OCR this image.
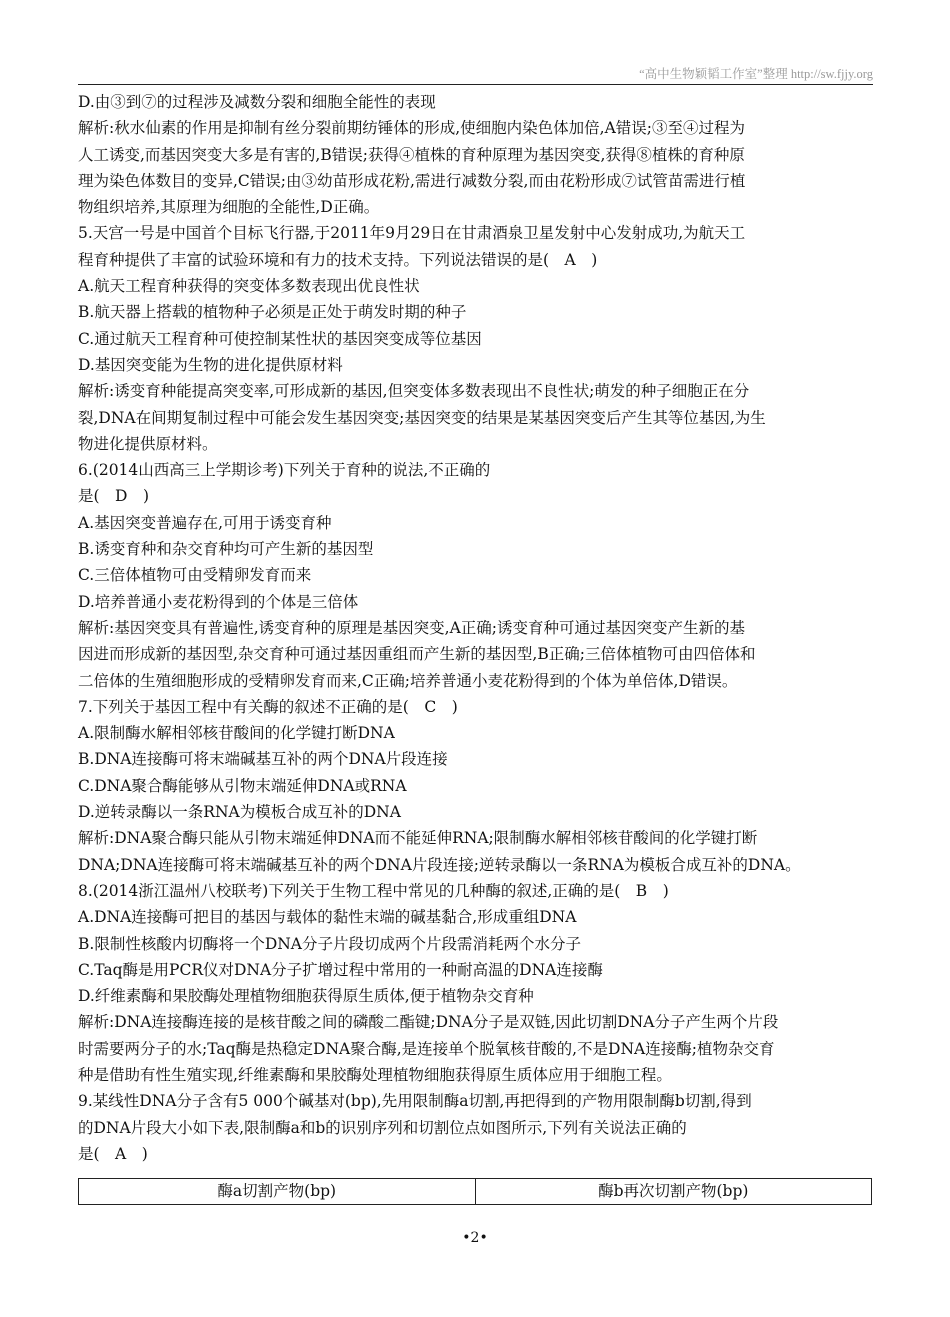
“高中生物颖韬工作室”整理 http://sw.fjjy.org
D.由③到⑦的过程涉及减数分裂和细胞全能性的表现
解析:秋水仙素的作用是抑制有丝分裂前期纺锤体的形成,使细胞内染色体加倍,A错误;③至④过程为
人工诱变,而基因突变大多是有害的,B错误;获得④植株的育种原理为基因突变,获得⑧植株的育种原
理为染色体数目的变异,C错误;由③幼苗形成花粉,需进行减数分裂,而由花粉形成⑦试管苗需进行植
物组织培养,其原理为细胞的全能性,D正确。
5.天宫一号是中国首个目标飞行器,于2011年9月29日在甘肃酒泉卫星发射中心发射成功,为航天工
程育种提供了丰富的试验环境和有力的技术支持。下列说法错误的是(　A　)
A.航天工程育种获得的突变体多数表现出优良性状
B.航天器上搭载的植物种子必须是正处于萌发时期的种子
C.通过航天工程育种可使控制某性状的基因突变成等位基因
D.基因突变能为生物的进化提供原材料
解析:诱变育种能提高突变率,可形成新的基因,但突变体多数表现出不良性状;萌发的种子细胞正在分
裂,DNA在间期复制过程中可能会发生基因突变;基因突变的结果是某基因突变后产生其等位基因,为生
物进化提供原材料。
6.(2014山西高三上学期诊考)下列关于育种的说法,不正确的
是(　D　)
A.基因突变普遍存在,可用于诱变育种
B.诱变育种和杂交育种均可产生新的基因型
C.三倍体植物可由受精卵发育而来
D.培养普通小麦花粉得到的个体是三倍体
解析:基因突变具有普遍性,诱变育种的原理是基因突变,A正确;诱变育种可通过基因突变产生新的基
因进而形成新的基因型,杂交育种可通过基因重组而产生新的基因型,B正确;三倍体植物可由四倍体和
二倍体的生殖细胞形成的受精卵发育而来,C正确;培养普通小麦花粉得到的个体为单倍体,D错误。
7.下列关于基因工程中有关酶的叙述不正确的是(　C　)
A.限制酶水解相邻核苷酸间的化学键打断DNA
B.DNA连接酶可将末端碱基互补的两个DNA片段连接
C.DNA聚合酶能够从引物末端延伸DNA或RNA
D.逆转录酶以一条RNA为模板合成互补的DNA
解析:DNA聚合酶只能从引物末端延伸DNA而不能延伸RNA;限制酶水解相邻核苷酸间的化学键打断
DNA;DNA连接酶可将末端碱基互补的两个DNA片段连接;逆转录酶以一条RNA为模板合成互补的DNA。
8.(2014浙江温州八校联考)下列关于生物工程中常见的几种酶的叙述,正确的是(　B　)
A.DNA连接酶可把目的基因与载体的黏性末端的碱基黏合,形成重组DNA
B.限制性核酸内切酶将一个DNA分子片段切成两个片段需消耗两个水分子
C.Taq酶是用PCR仪对DNA分子扩增过程中常用的一种耐高温的DNA连接酶
D.纤维素酶和果胶酶处理植物细胞获得原生质体,便于植物杂交育种
解析:DNA连接酶连接的是核苷酸之间的磷酸二酯键;DNA分子是双链,因此切割DNA分子产生两个片段
时需要两分子的水;Taq酶是热稳定DNA聚合酶,是连接单个脱氧核苷酸的,不是DNA连接酶;植物杂交育
种是借助有性生殖实现,纤维素酶和果胶酶处理植物细胞获得原生质体应用于细胞工程。
9.某线性DNA分子含有5 000个碱基对(bp),先用限制酶a切割,再把得到的产物用限制酶b切割,得到
的DNA片段大小如下表,限制酶a和b的识别序列和切割位点如图所示,下列有关说法正确的
是(　A　)
酶a切割产物(bp)	酶b再次切割产物(bp)
•2•
